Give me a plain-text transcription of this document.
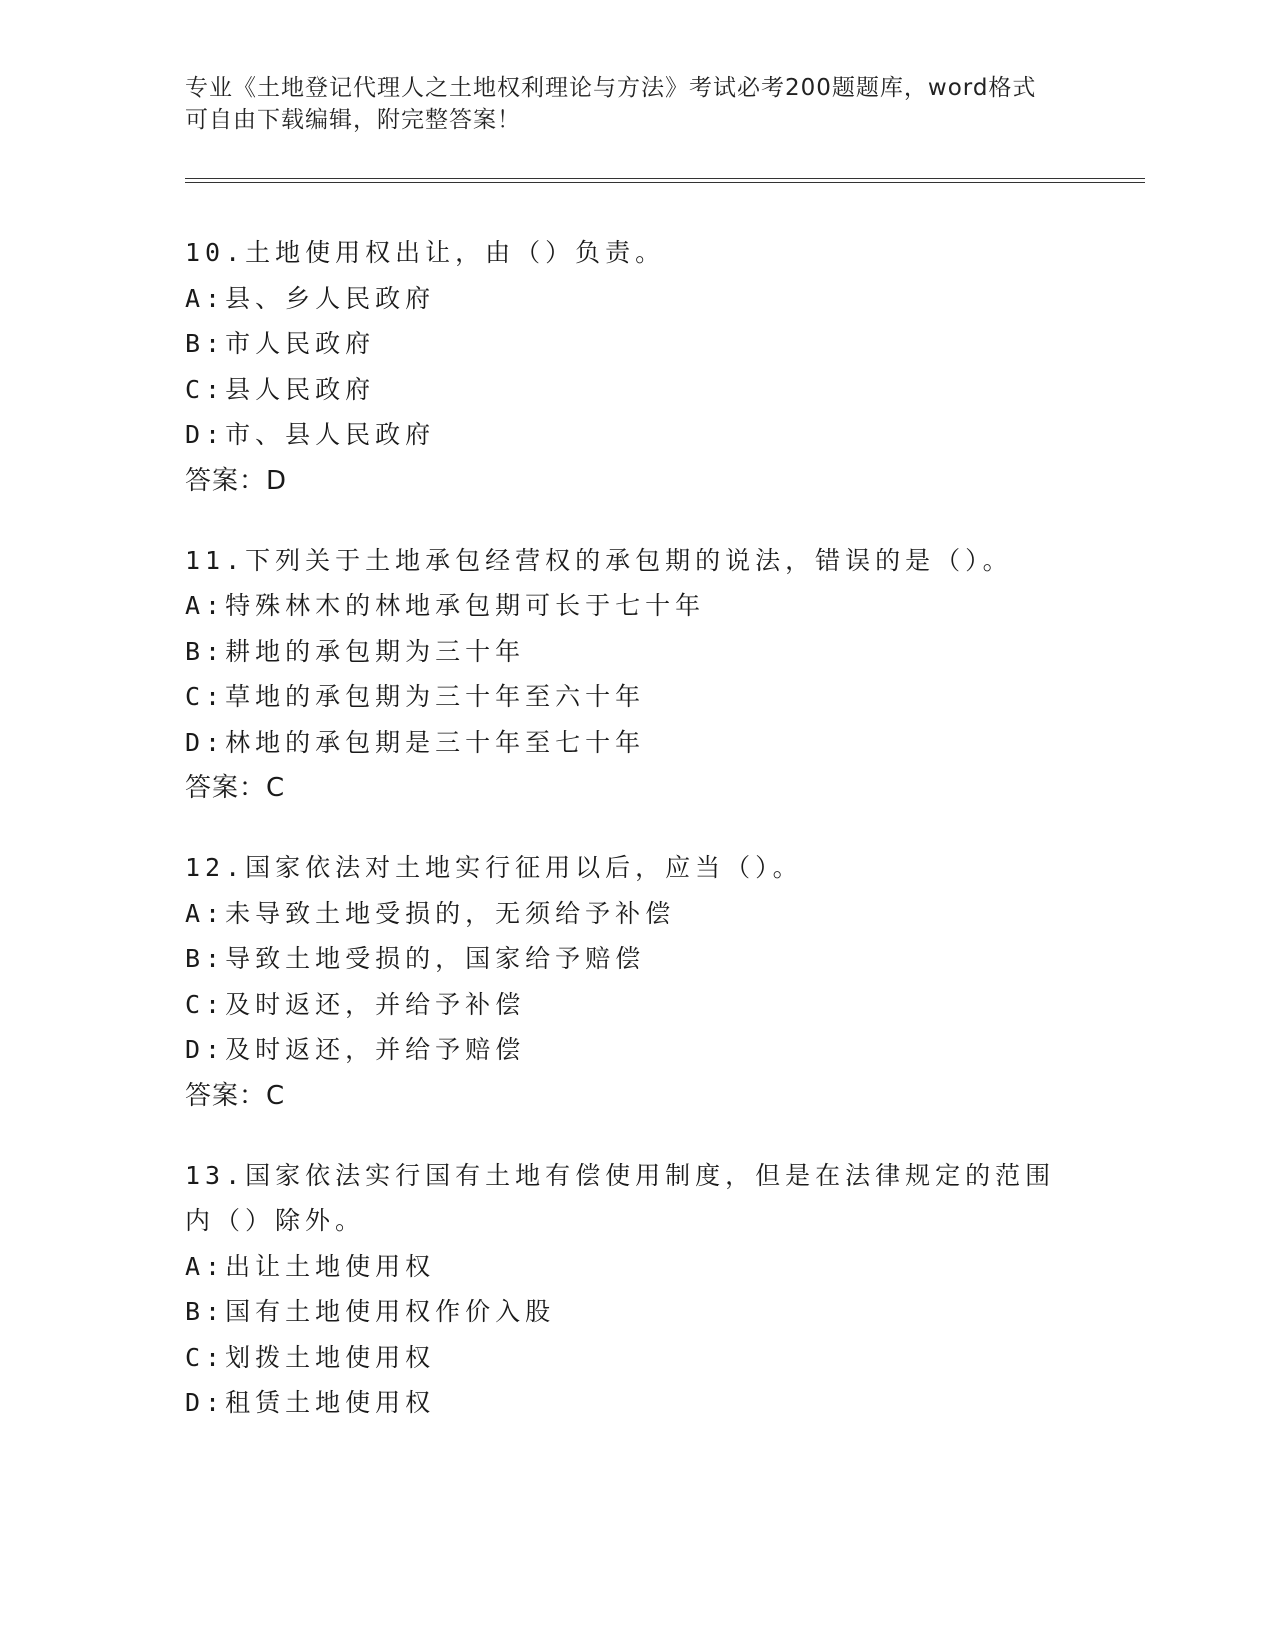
专业《土地登记代理人之土地权利理论与方法》考试必考200题题库，word格式
可自由下载编辑，附完整答案！
10.土地使用权出让，由（）负责。
A:县、乡人民政府
B:市人民政府
C:县人民政府
D:市、县人民政府
答案：D
11.下列关于土地承包经营权的承包期的说法，错误的是（）。
A:特殊林木的林地承包期可长于七十年
B:耕地的承包期为三十年
C:草地的承包期为三十年至六十年
D:林地的承包期是三十年至七十年
答案：C
12.国家依法对土地实行征用以后，应当（）。
A:未导致土地受损的，无须给予补偿
B:导致土地受损的，国家给予赔偿
C:及时返还，并给予补偿
D:及时返还，并给予赔偿
答案：C
13.国家依法实行国有土地有偿使用制度，但是在法律规定的范围内（）除外。
A:出让土地使用权
B:国有土地使用权作价入股
C:划拨土地使用权
D:租赁土地使用权
